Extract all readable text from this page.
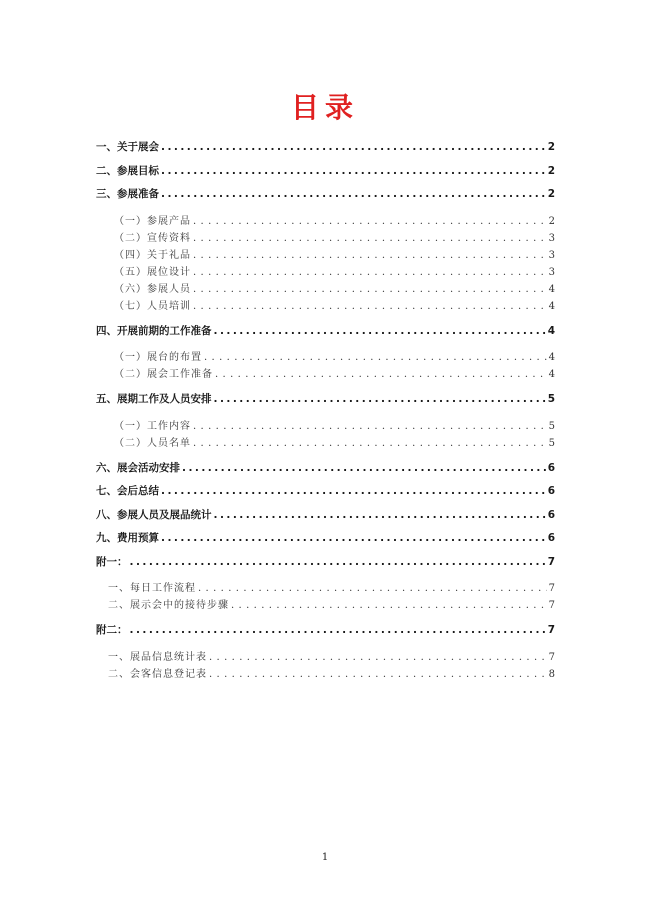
目录
一、关于展会 . . .	2
二、参展目标 . . .	2
三、参展准备 . . .	2
（一）参展产品 . . .	2
（二）宣传资料 . . .	3
（四）关于礼品 . . .	3
（五）展位设计 . . .	3
（六）参展人员 . . .	4
（七）人员培训 . . .	4
四、开展前期的工作准备 . . .	4
（一）展台的布置 . . .	4
（二）展会工作准备 . . .	4
五、展期工作及人员安排 . . .	5
（一）工作内容 . . .	5
（二）人员名单 . . .	5
六、展会活动安排 . . .	6
七、会后总结 . . .	6
八、参展人员及展品统计 . . .	6
九、费用预算 . . .	6
附一： . . .	7
一、每日工作流程 . . .	7
二、展示会中的接待步骤 . . .	7
附二： . . .	7
一、展品信息统计表 . . .	7
二、会客信息登记表 . . .	8
1
